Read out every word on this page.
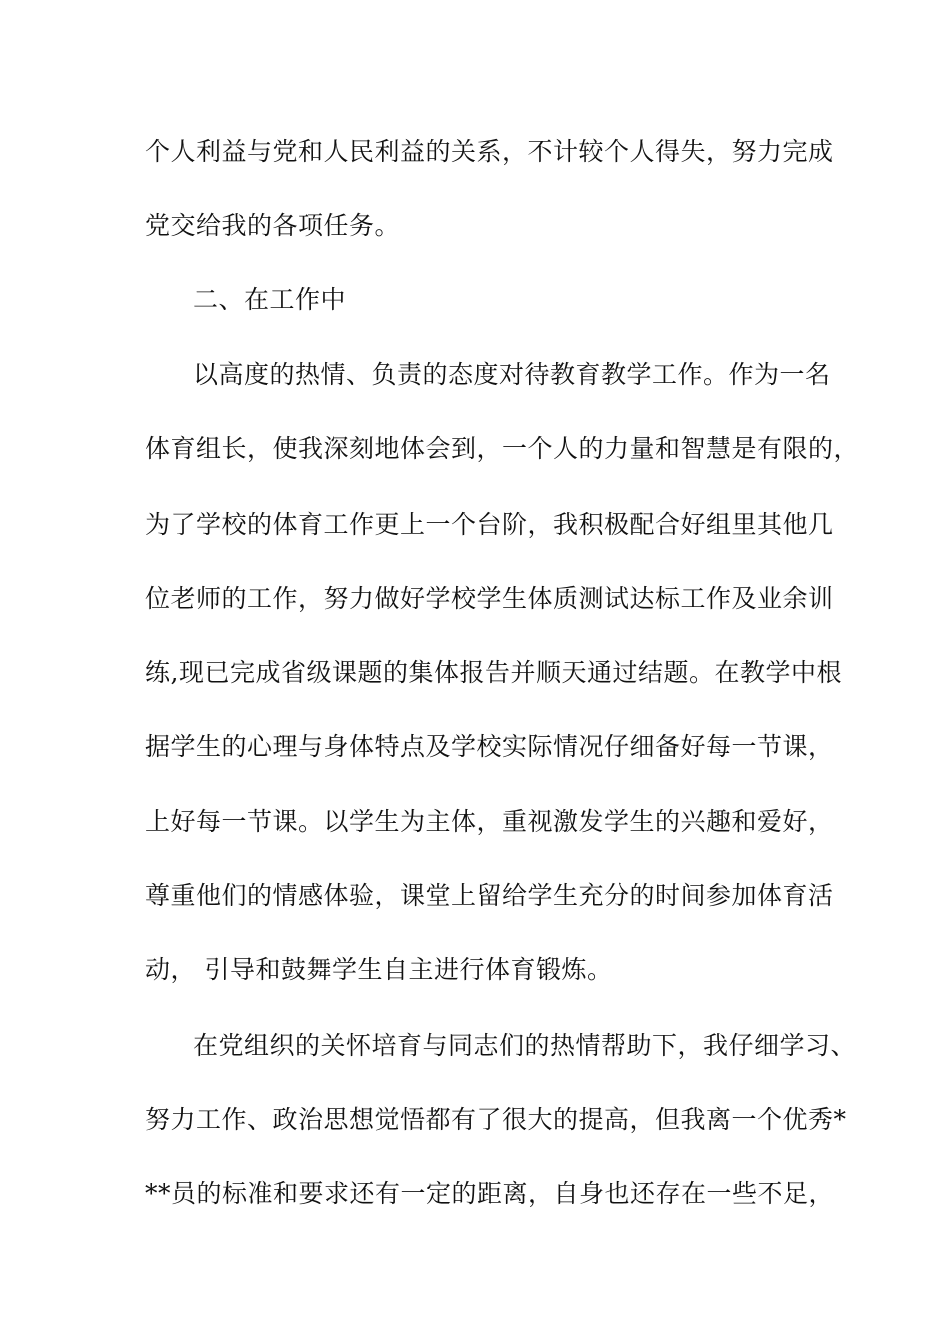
个人利益与党和人民利益的关系，不计较个人得失，努力完成
党交给我的各项任务。
二、在工作中
以高度的热情、负责的态度对待教育教学工作。作为一名
体育组长，使我深刻地体会到，一个人的力量和智慧是有限的，
为了学校的体育工作更上一个台阶，我积极配合好组里其他几
位老师的工作，努力做好学校学生体质测试达标工作及业余训
练,现已完成省级课题的集体报告并顺天通过结题。在教学中根
据学生的心理与身体特点及学校实际情况仔细备好每一节课，
上好每一节课。以学生为主体，重视激发学生的兴趣和爱好，
尊重他们的情感体验，课堂上留给学生充分的时间参加体育活
动， 引导和鼓舞学生自主进行体育锻炼。
在党组织的关怀培育与同志们的热情帮助下，我仔细学习、
努力工作、政治思想觉悟都有了很大的提高，但我离一个优秀*
**员的标准和要求还有一定的距离，自身也还存在一些不足，
